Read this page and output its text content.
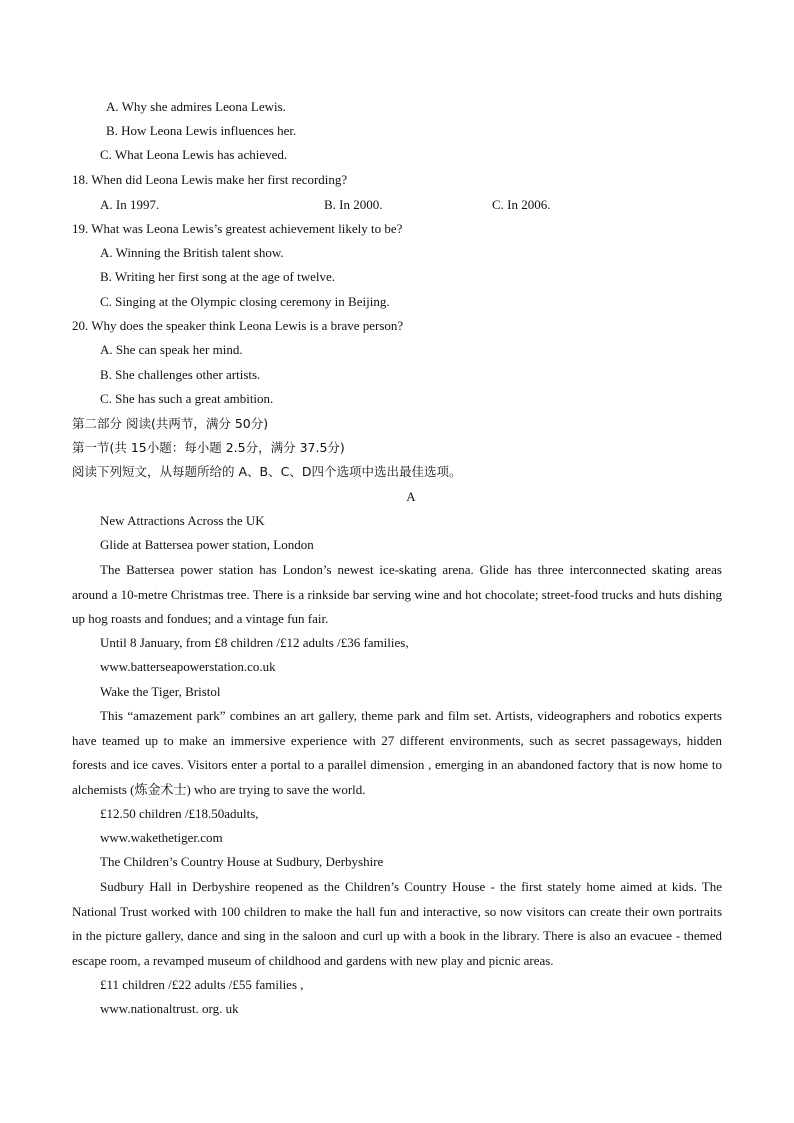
A. Why she admires Leona Lewis.
B. How Leona Lewis influences her.
C. What Leona Lewis has achieved.
18. When did Leona Lewis make her first recording?
A. In 1997.	B. In 2000.	C. In 2006.
19. What was Leona Lewis’s greatest achievement likely to be?
A. Winning the British talent show.
B. Writing her first song at the age of twelve.
C. Singing at the Olympic closing ceremony in Beijing.
20. Why does the speaker think Leona Lewis is a brave person?
A. She can speak her mind.
B. She challenges other artists.
C. She has such a great ambition.
第二部分 阅读(共两节，满分 50分)
第一节(共 15小题：每小题 2.5分，满分 37.5分)
阅读下列短文，从每题所给的 A、B、C、D四个选项中选出最佳选项。
A
New Attractions Across the UK
Glide at Battersea power station, London
The Battersea power station has London’s newest ice-skating arena. Glide has three interconnected skating areas around a 10-metre Christmas tree. There is a rinkside bar serving wine and hot chocolate; street-food trucks and huts dishing up hog roasts and fondues; and a vintage fun fair.
Until 8 January, from £8 children /£12 adults /£36 families,
www.batterseapowerstation.co.uk
Wake the Tiger, Bristol
This “amazement park” combines an art gallery, theme park and film set. Artists, videographers and robotics experts have teamed up to make an immersive experience with 27 different environments, such as secret passageways, hidden forests and ice caves. Visitors enter a portal to a parallel dimension , emerging in an abandoned factory that is now home to alchemists (炼金术士) who are trying to save the world.
£12.50 children /£18.50adults,
www.wakethetiger.com
The Children’s Country House at Sudbury, Derbyshire
Sudbury Hall in Derbyshire reopened as the Children’s Country House - the first stately home aimed at kids. The National Trust worked with 100 children to make the hall fun and interactive, so now visitors can create their own portraits in the picture gallery, dance and sing in the saloon and curl up with a book in the library. There is also an evacuee - themed escape room, a revamped museum of childhood and gardens with new play and picnic areas.
£11 children /£22 adults /£55 families ,
www.nationaltrust. org. uk
